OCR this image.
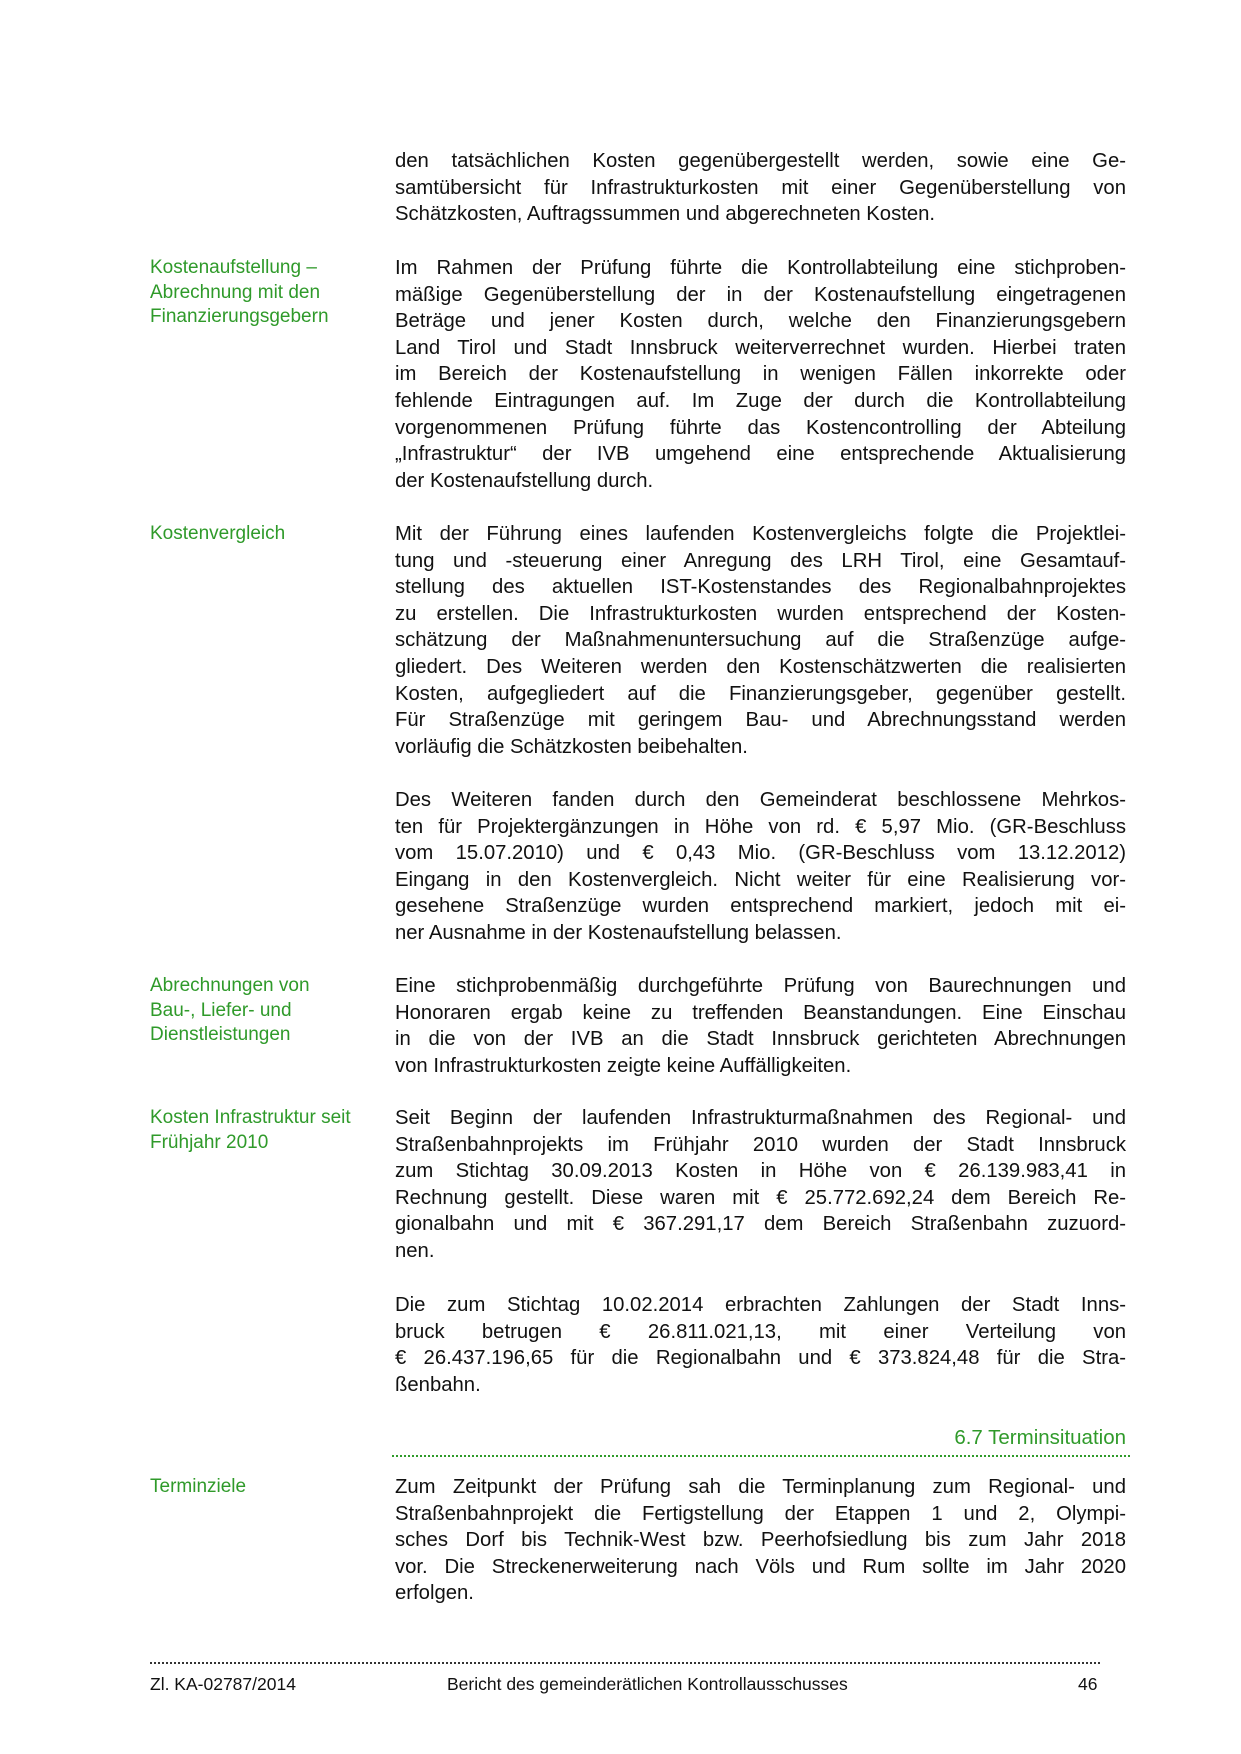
6.7 Terminsituation
Zl. KA-02787/2014	Bericht des gemeinderätlichen Kontrollausschusses	46
den tatsächlichen Kosten gegenübergestellt werden, sowie eine Ge-
samtübersicht für Infrastrukturkosten mit einer Gegenüberstellung von
Schätzkosten, Auftragssummen und abgerechneten Kosten.
Kostenaufstellung – Abrechnung mit den Finanzierungsgebern
Im Rahmen der Prüfung führte die Kontrollabteilung eine stichproben-
mäßige Gegenüberstellung der in der Kostenaufstellung eingetragenen
Beträge und jener Kosten durch, welche den Finanzierungsgebern
Land Tirol und Stadt Innsbruck weiterverrechnet wurden. Hierbei traten
im Bereich der Kostenaufstellung in wenigen Fällen inkorrekte oder
fehlende Eintragungen auf. Im Zuge der durch die Kontrollabteilung
vorgenommenen Prüfung führte das Kostencontrolling der Abteilung
„Infrastruktur“ der IVB umgehend eine entsprechende Aktualisierung
der Kostenaufstellung durch.
Kostenvergleich	Mit der Führung eines laufenden Kostenvergleichs folgte die Projektlei-
tung und -steuerung einer Anregung des LRH Tirol, eine Gesamtauf-
stellung des aktuellen IST-Kostenstandes des Regionalbahnprojektes
zu erstellen. Die Infrastrukturkosten wurden entsprechend der Kosten-
schätzung der Maßnahmenuntersuchung auf die Straßenzüge aufge-
gliedert. Des Weiteren werden den Kostenschätzwerten die realisierten
Kosten, aufgegliedert auf die Finanzierungsgeber, gegenüber gestellt.
Für Straßenzüge mit geringem Bau- und Abrechnungsstand werden
vorläufig die Schätzkosten beibehalten.
Des Weiteren fanden durch den Gemeinderat beschlossene Mehrkos-
ten für Projektergänzungen in Höhe von rd. € 5,97 Mio. (GR-Beschluss
vom 15.07.2010) und € 0,43 Mio. (GR-Beschluss vom 13.12.2012)
Eingang in den Kostenvergleich. Nicht weiter für eine Realisierung vor-
gesehene Straßenzüge wurden entsprechend markiert, jedoch mit ei-
ner Ausnahme in der Kostenaufstellung belassen.
Abrechnungen von Bau-, Liefer- und Dienstleistungen
Eine stichprobenmäßig durchgeführte Prüfung von Baurechnungen und
Honoraren ergab keine zu treffenden Beanstandungen. Eine Einschau
in die von der IVB an die Stadt Innsbruck gerichteten Abrechnungen
von Infrastrukturkosten zeigte keine Auffälligkeiten.
Kosten Infrastruktur seit Frühjahr 2010
Seit Beginn der laufenden Infrastrukturmaßnahmen des Regional- und
Straßenbahnprojekts im Frühjahr 2010 wurden der Stadt Innsbruck
zum Stichtag 30.09.2013 Kosten in Höhe von € 26.139.983,41 in
Rechnung gestellt. Diese waren mit € 25.772.692,24 dem Bereich Re-
gionalbahn und mit € 367.291,17 dem Bereich Straßenbahn zuzuord-
nen.
Die zum Stichtag 10.02.2014 erbrachten Zahlungen der Stadt Inns-
bruck betrugen € 26.811.021,13, mit einer Verteilung von
€ 26.437.196,65 für die Regionalbahn und € 373.824,48 für die Stra-
ßenbahn.
Terminziele	Zum Zeitpunkt der Prüfung sah die Terminplanung zum Regional- und
Straßenbahnprojekt die Fertigstellung der Etappen 1 und 2, Olympi-
sches Dorf bis Technik-West bzw. Peerhofsiedlung bis zum Jahr 2018
vor. Die Streckenerweiterung nach Völs und Rum sollte im Jahr 2020
erfolgen.
